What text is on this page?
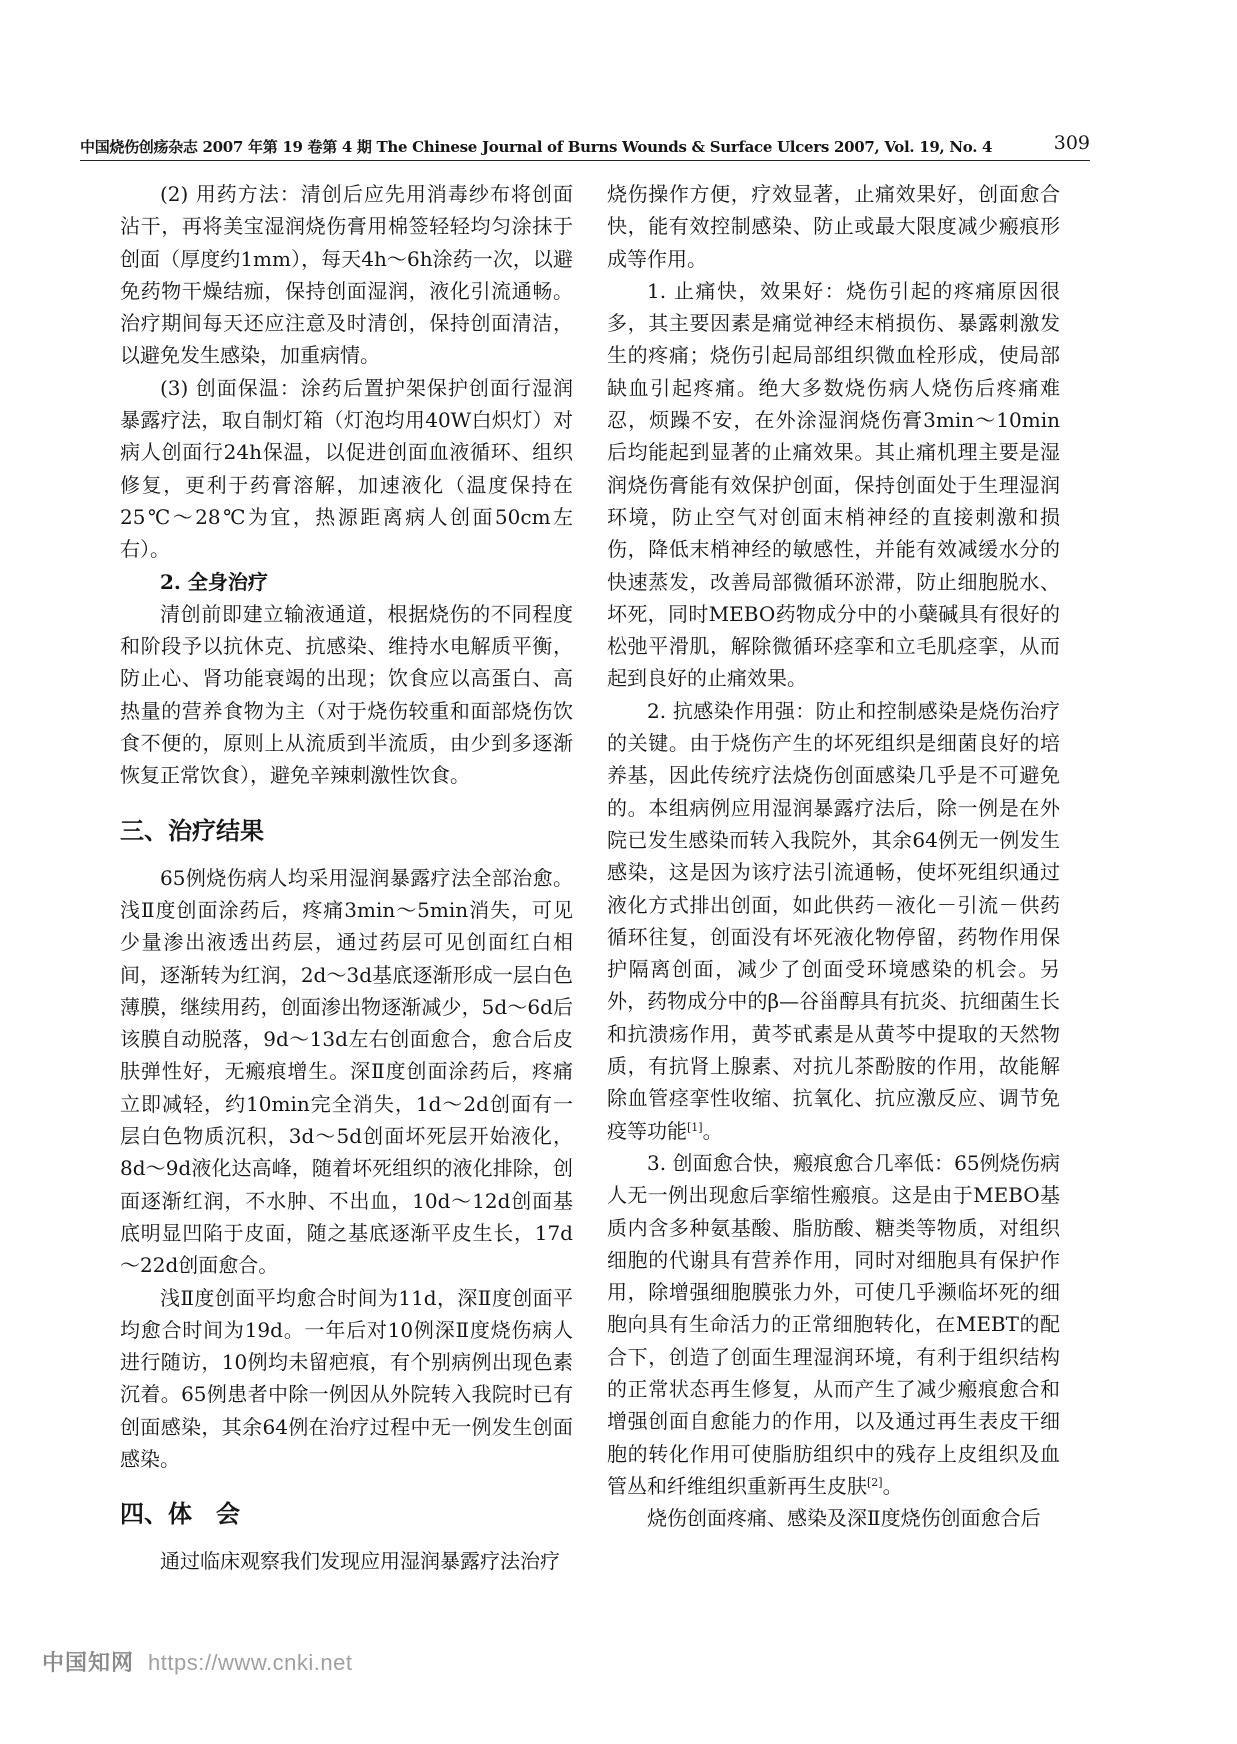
中国烧伤创疡杂志 2007 年第 19 卷第 4 期 The Chinese Journal of Burns Wounds & Surface Ulcers 2007, Vol. 19, No. 4	309

(2) 用药方法：清创后应先用消毒纱布将创面沾干，再将美宝湿润烧伤膏用棉签轻轻均匀涂抹于创面（厚度约1mm），每天4h～6h涂药一次，以避免药物干燥结痂，保持创面湿润，液化引流通畅。治疗期间每天还应注意及时清创，保持创面清洁，以避免发生感染，加重病情。

(3) 创面保温：涂药后置护架保护创面行湿润暴露疗法，取自制灯箱（灯泡均用40W白炽灯）对病人创面行24h保温，以促进创面血液循环、组织修复，更利于药膏溶解，加速液化（温度保持在25℃～28℃为宜，热源距离病人创面50cm左右）。

2. 全身治疗

清创前即建立输液通道，根据烧伤的不同程度和阶段予以抗休克、抗感染、维持水电解质平衡，防止心、肾功能衰竭的出现；饮食应以高蛋白、高热量的营养食物为主（对于烧伤较重和面部烧伤饮食不便的，原则上从流质到半流质，由少到多逐渐恢复正常饮食），避免辛辣刺激性饮食。

三、治疗结果

65例烧伤病人均采用湿润暴露疗法全部治愈。浅Ⅱ度创面涂药后，疼痛3min～5min消失，可见少量渗出液透出药层，通过药层可见创面红白相间，逐渐转为红润，2d～3d基底逐渐形成一层白色薄膜，继续用药，创面渗出物逐渐减少，5d～6d后该膜自动脱落，9d～13d左右创面愈合，愈合后皮肤弹性好，无瘢痕增生。深Ⅱ度创面涂药后，疼痛立即减轻，约10min完全消失，1d～2d创面有一层白色物质沉积，3d～5d创面坏死层开始液化，8d～9d液化达高峰，随着坏死组织的液化排除，创面逐渐红润，不水肿、不出血，10d～12d创面基底明显凹陷于皮面，随之基底逐渐平皮生长，17d～22d创面愈合。

浅Ⅱ度创面平均愈合时间为11d，深Ⅱ度创面平均愈合时间为19d。一年后对10例深Ⅱ度烧伤病人进行随访，10例均未留疤痕，有个别病例出现色素沉着。65例患者中除一例因从外院转入我院时已有创面感染，其余64例在治疗过程中无一例发生创面感染。

四、体　会

通过临床观察我们发现应用湿润暴露疗法治疗

烧伤操作方便，疗效显著，止痛效果好，创面愈合快，能有效控制感染、防止或最大限度减少瘢痕形成等作用。

1. 止痛快，效果好：烧伤引起的疼痛原因很多，其主要因素是痛觉神经末梢损伤、暴露刺激发生的疼痛；烧伤引起局部组织微血栓形成，使局部缺血引起疼痛。绝大多数烧伤病人烧伤后疼痛难忍，烦躁不安，在外涂湿润烧伤膏3min～10min后均能起到显著的止痛效果。其止痛机理主要是湿润烧伤膏能有效保护创面，保持创面处于生理湿润环境，防止空气对创面末梢神经的直接刺激和损伤，降低末梢神经的敏感性，并能有效减缓水分的快速蒸发，改善局部微循环淤滞，防止细胞脱水、坏死，同时MEBO药物成分中的小蘖碱具有很好的松弛平滑肌，解除微循环痉挛和立毛肌痉挛，从而起到良好的止痛效果。

2. 抗感染作用强：防止和控制感染是烧伤治疗的关键。由于烧伤产生的坏死组织是细菌良好的培养基，因此传统疗法烧伤创面感染几乎是不可避免的。本组病例应用湿润暴露疗法后，除一例是在外院已发生感染而转入我院外，其余64例无一例发生感染，这是因为该疗法引流通畅，使坏死组织通过液化方式排出创面，如此供药－液化－引流－供药循环往复，创面没有坏死液化物停留，药物作用保护隔离创面，减少了创面受环境感染的机会。另外，药物成分中的β—谷甾醇具有抗炎、抗细菌生长和抗溃疡作用，黄芩甙素是从黄芩中提取的天然物质，有抗肾上腺素、对抗儿茶酚胺的作用，故能解除血管痉挛性收缩、抗氧化、抗应激反应、调节免疫等功能[1]。

3. 创面愈合快，瘢痕愈合几率低：65例烧伤病人无一例出现愈后挛缩性瘢痕。这是由于MEBO基质内含多种氨基酸、脂肪酸、糖类等物质，对组织细胞的代谢具有营养作用，同时对细胞具有保护作用，除增强细胞膜张力外，可使几乎濒临坏死的细胞向具有生命活力的正常细胞转化，在MEBT的配合下，创造了创面生理湿润环境，有利于组织结构的正常状态再生修复，从而产生了减少瘢痕愈合和增强创面自愈能力的作用，以及通过再生表皮干细胞的转化作用可使脂肪组织中的残存上皮组织及血管丛和纤维组织重新再生皮肤[2]。

烧伤创面疼痛、感染及深Ⅱ度烧伤创面愈合后

中国知网 https://www.cnki.net
